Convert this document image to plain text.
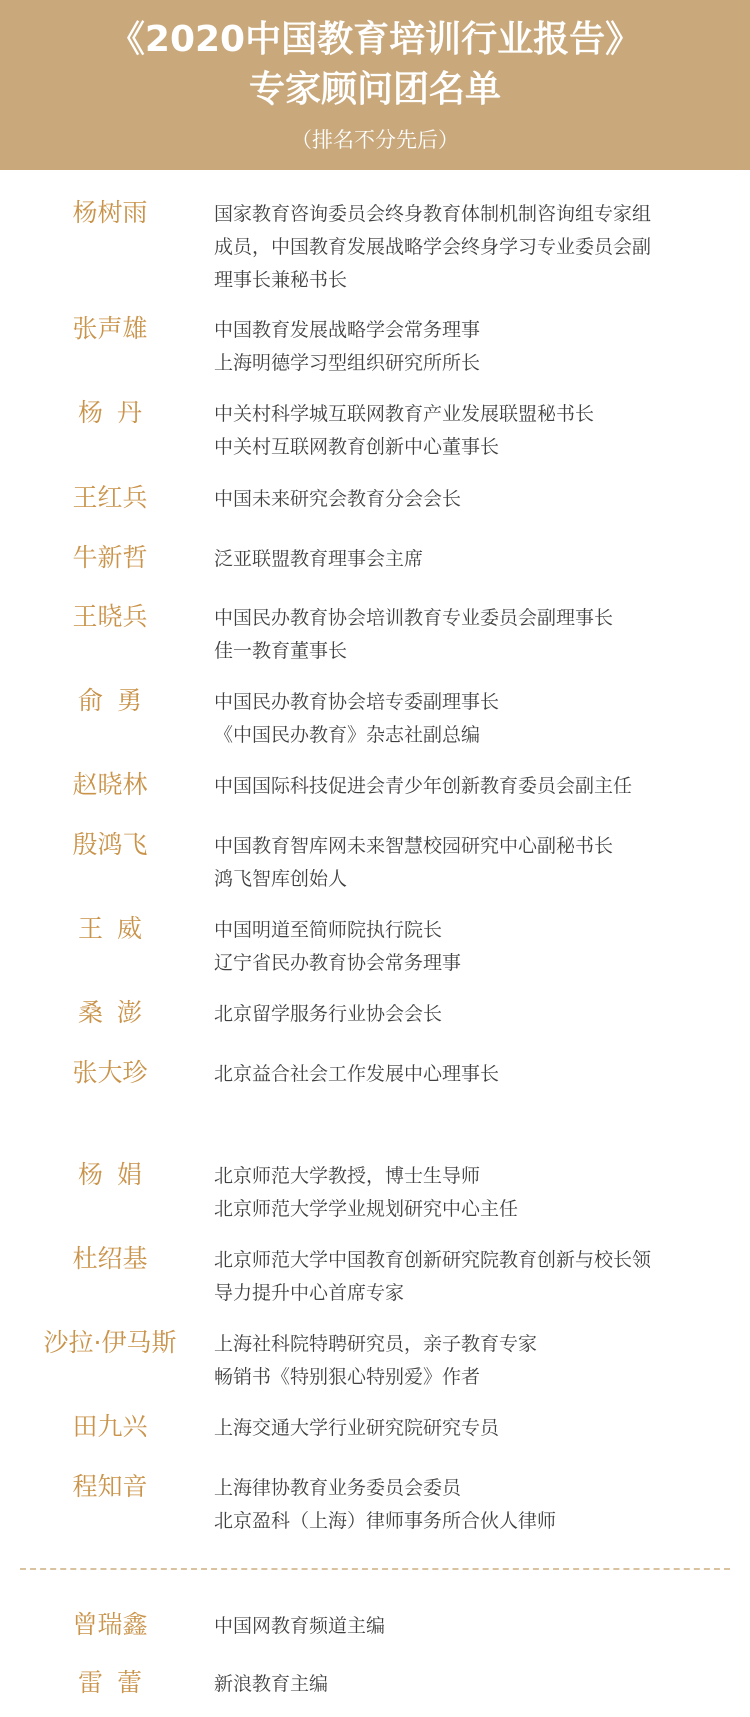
《2020中国教育培训行业报告》
专家顾问团名单
（排名不分先后）
杨树雨	国家教育咨询委员会终身教育体制机制咨询组专家组
成员，中国教育发展战略学会终身学习专业委员会副
理事长兼秘书长
张声雄	中国教育发展战略学会常务理事
上海明德学习型组织研究所所长
杨丹	中关村科学城互联网教育产业发展联盟秘书长
中关村互联网教育创新中心董事长
王红兵	中国未来研究会教育分会会长
牛新哲	泛亚联盟教育理事会主席
王晓兵	中国民办教育协会培训教育专业委员会副理事长
佳一教育董事长
俞勇	中国民办教育协会培专委副理事长
《中国民办教育》杂志社副总编
赵晓林	中国国际科技促进会青少年创新教育委员会副主任
殷鸿飞	中国教育智库网未来智慧校园研究中心副秘书长
鸿飞智库创始人
王威	中国明道至简师院执行院长
辽宁省民办教育协会常务理事
桑澎	北京留学服务行业协会会长
张大珍	北京益合社会工作发展中心理事长
杨娟	北京师范大学教授，博士生导师
北京师范大学学业规划研究中心主任
杜绍基	北京师范大学中国教育创新研究院教育创新与校长领
导力提升中心首席专家
沙拉·伊马斯	上海社科院特聘研究员，亲子教育专家
畅销书《特别狠心特别爱》作者
田九兴	上海交通大学行业研究院研究专员
程知音	上海律协教育业务委员会委员
北京盈科（上海）律师事务所合伙人律师
曾瑞鑫	中国网教育频道主编
雷蕾	新浪教育主编
